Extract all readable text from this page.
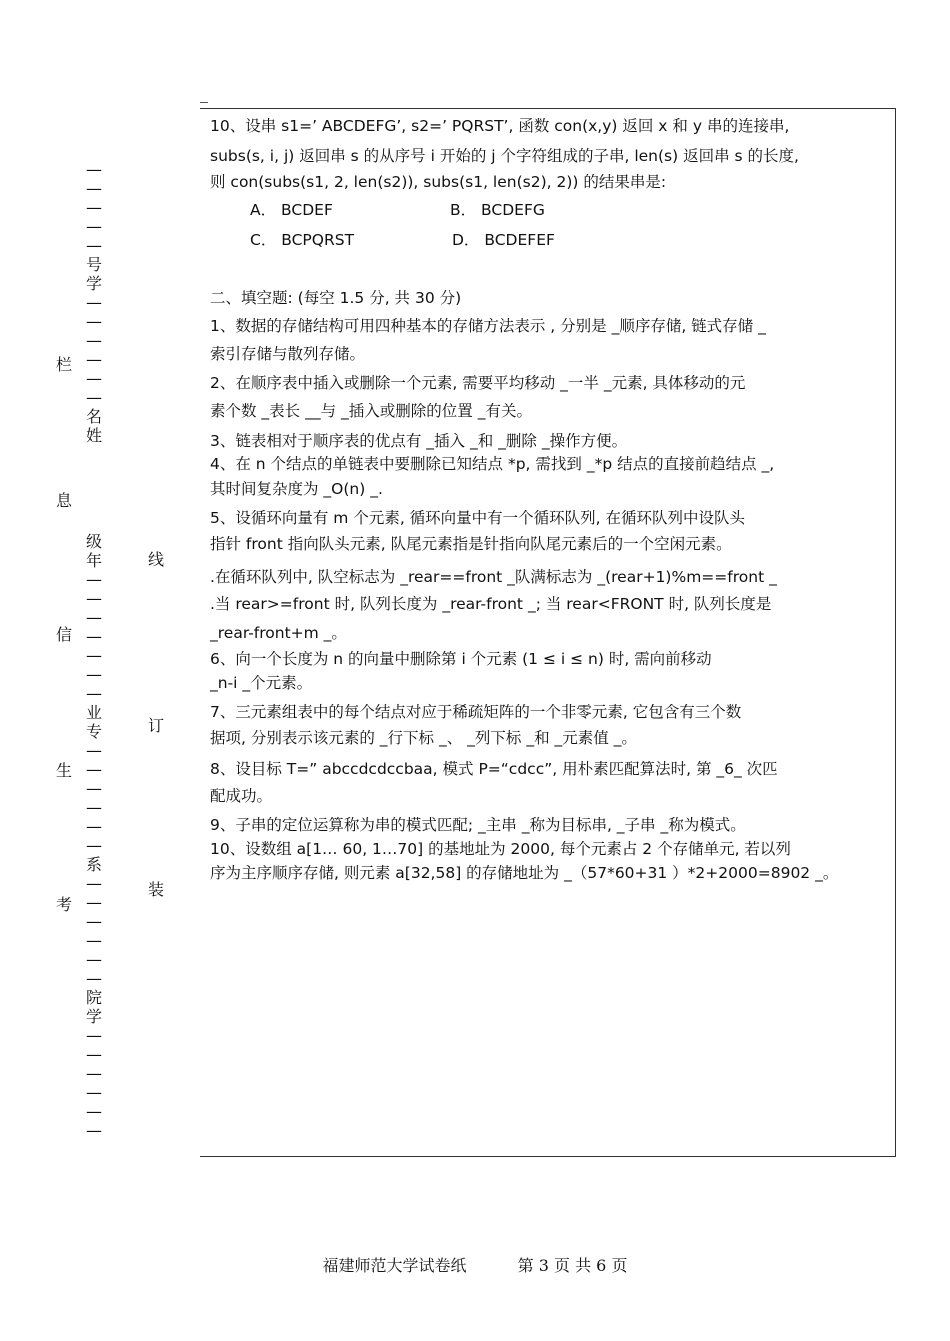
—
—
—
—
—
号
学
—
—
—
—
—
—
名
姓
级
年
—
—
—
—
—
—
—
业
专
—
—
—
—
—
—
系
—
—
—
—
—
—
院
学
—
—
—
—
—
—
栏
息
信
生
考
线
订
装
10、设串 s1=’ ABCDEFG’, s2=’ PQRST’, 函数 con(x,y) 返回 x 和 y 串的连接串,
subs(s, i, j) 返回串 s 的从序号 i 开始的 j 个字符组成的子串, len(s) 返回串 s 的长度,
则 con(subs(s1, 2, len(s2)), subs(s1, len(s2), 2)) 的结果串是:
A． BCDEF	B． BCDEFG
C． BCPQRST	D． BCDEFEF
二、填空题: (每空 1.5 分, 共 30 分)
1、数据的存储结构可用四种基本的存储方法表示 , 分别是 _顺序存储, 链式存储 _
索引存储与散列存储。
2、在顺序表中插入或删除一个元素, 需要平均移动 _一半 _元素, 具体移动的元
素个数 _表长 __与 _插入或删除的位置 _有关。
3、链表相对于顺序表的优点有 _插入 _和 _删除 _操作方便。
4、在 n 个结点的单链表中要删除已知结点 *p, 需找到 _*p 结点的直接前趋结点 _,
其时间复杂度为 _O(n) _.
5、设循环向量有 m 个元素, 循环向量中有一个循环队列, 在循环队列中设队头
指针 front 指向队头元素, 队尾元素指是针指向队尾元素后的一个空闲元素。
.在循环队列中, 队空标志为 _rear==front _队满标志为 _(rear+1)%m==front _
.当 rear>=front 时, 队列长度为 _rear-front _; 当 rear<FRONT 时, 队列长度是
_rear-front+m _。
6、向一个长度为 n 的向量中删除第 i 个元素 (1 ≤ i ≤ n) 时, 需向前移动
_n-i _个元素。
7、三元素组表中的每个结点对应于稀疏矩阵的一个非零元素, 它包含有三个数
据项, 分别表示该元素的 _行下标 _、 _列下标 _和 _元素值 _。
8、设目标 T=” abccdcdccbaa, 模式 P=“cdcc”, 用朴素匹配算法时, 第 _6_ 次匹
配成功。
9、子串的定位运算称为串的模式匹配; _主串 _称为目标串, _子串 _称为模式。
10、设数组 a[1… 60, 1…70] 的基地址为 2000, 每个元素占 2 个存储单元, 若以列
序为主序顺序存储, 则元素 a[32,58] 的存储地址为 _（57*60+31 ）*2+2000=8902 _。
福建师范大学试卷纸	第 3 页 共 6 页
